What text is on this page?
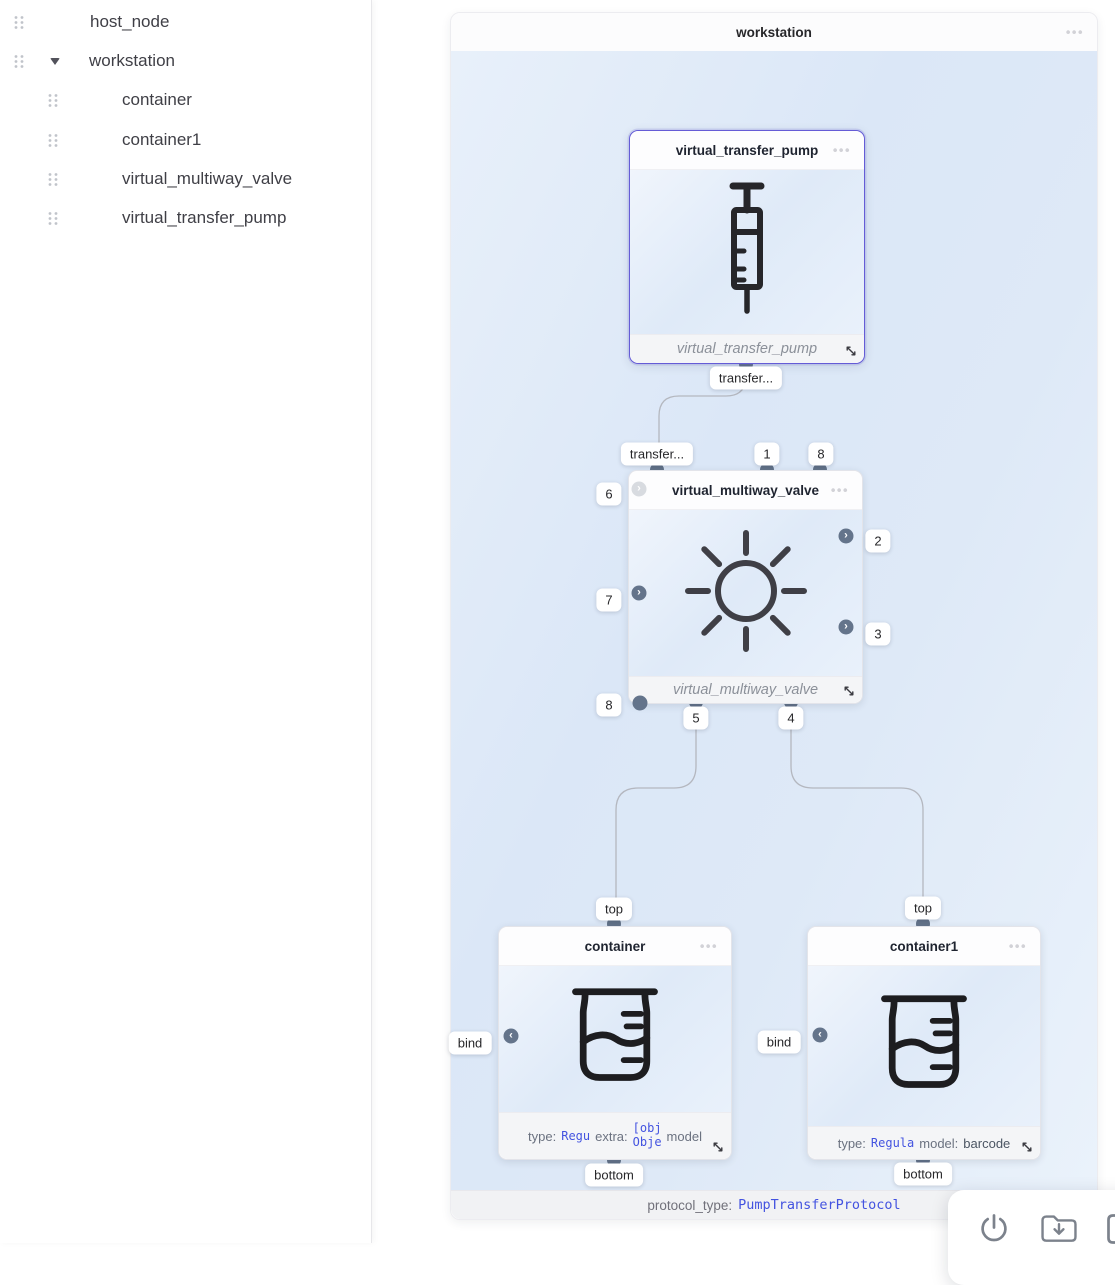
host_node
workstation
container
container1
virtual_multiway_valve
virtual_transfer_pump
workstation	•••
virtual_transfer_pump •••
virtual_transfer_pump
virtual_multiway_valve •••
virtual_multiway_valve
container	•••
type: Regu extra:
[obj
Obje model
container1	•••
type: Regula model: barcode
›
›
›
›
‹	‹
transfer...
transfer...	1	8
6
7
8
2
3
5	4
top	top
bind	bind
bottom	bottom
protocol_type: PumpTransferProtocol
